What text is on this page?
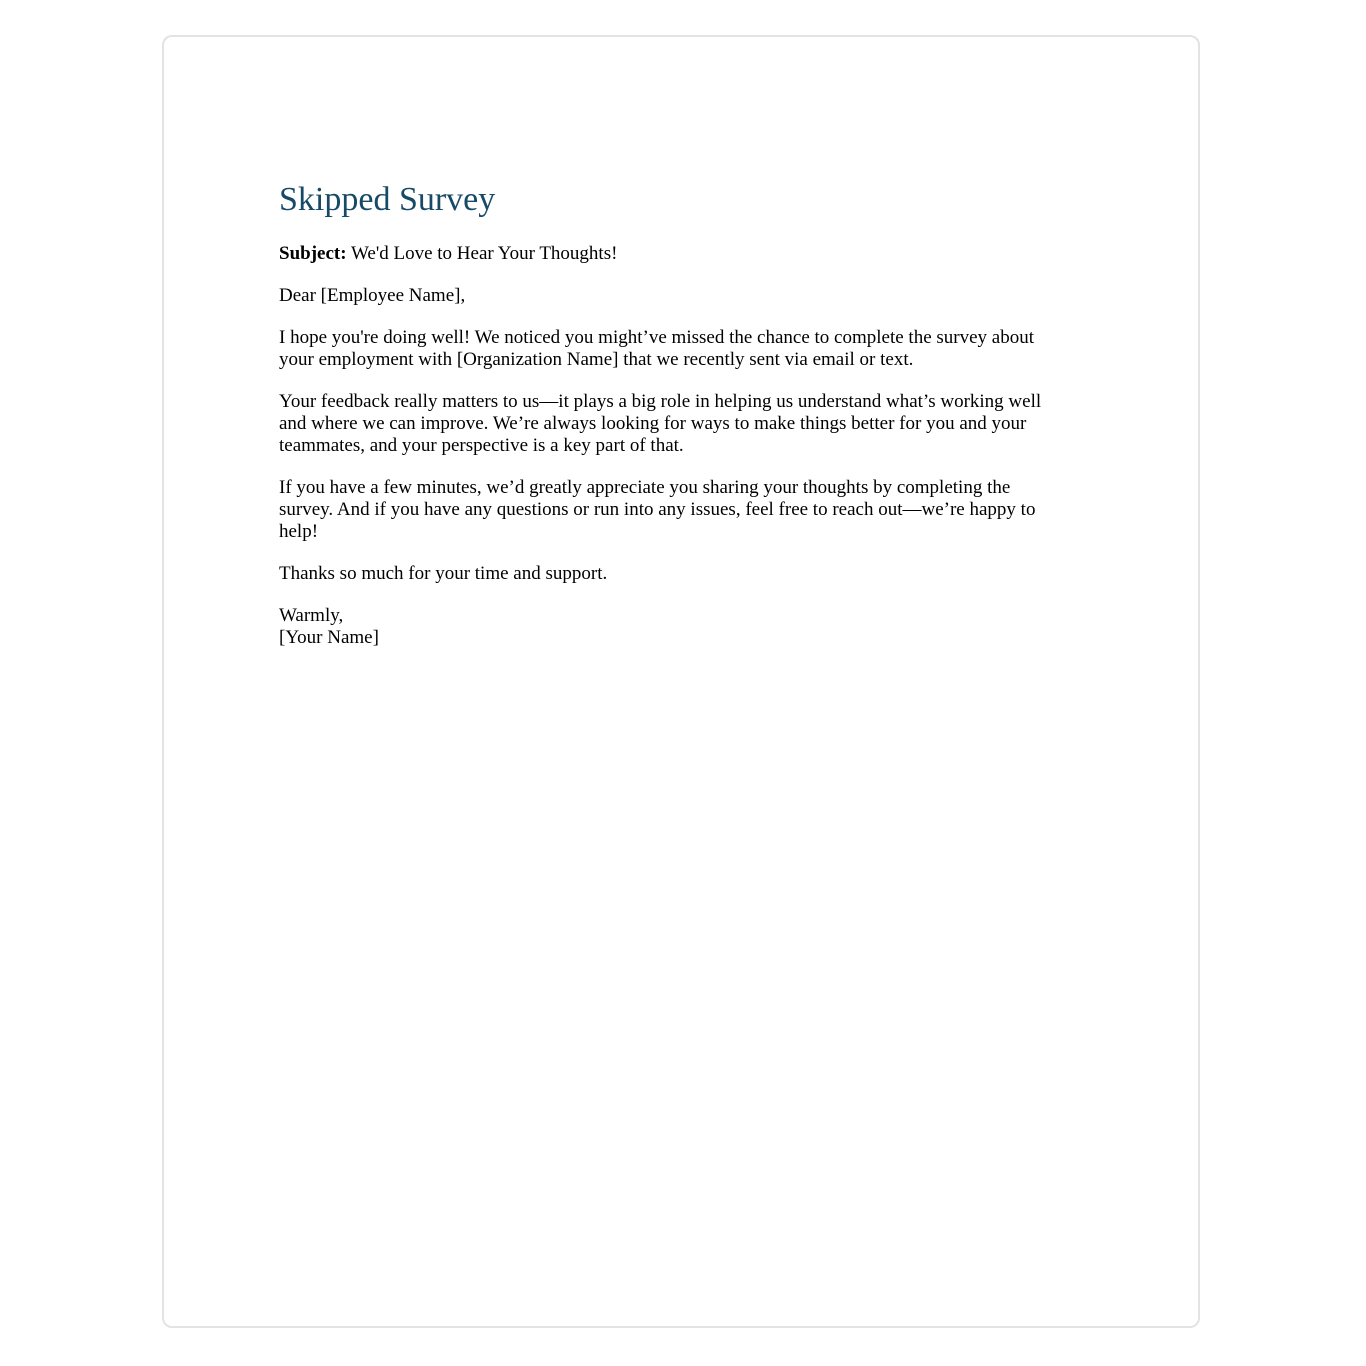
Skipped Survey

Subject: We'd Love to Hear Your Thoughts!

Dear [Employee Name],

I hope you're doing well! We noticed you might’ve missed the chance to complete the survey about your employment with [Organization Name] that we recently sent via email or text.

Your feedback really matters to us—it plays a big role in helping us understand what’s working well and where we can improve. We’re always looking for ways to make things better for you and your teammates, and your perspective is a key part of that.

If you have a few minutes, we’d greatly appreciate you sharing your thoughts by completing the survey. And if you have any questions or run into any issues, feel free to reach out—we’re happy to help!

Thanks so much for your time and support.

Warmly,
[Your Name]
